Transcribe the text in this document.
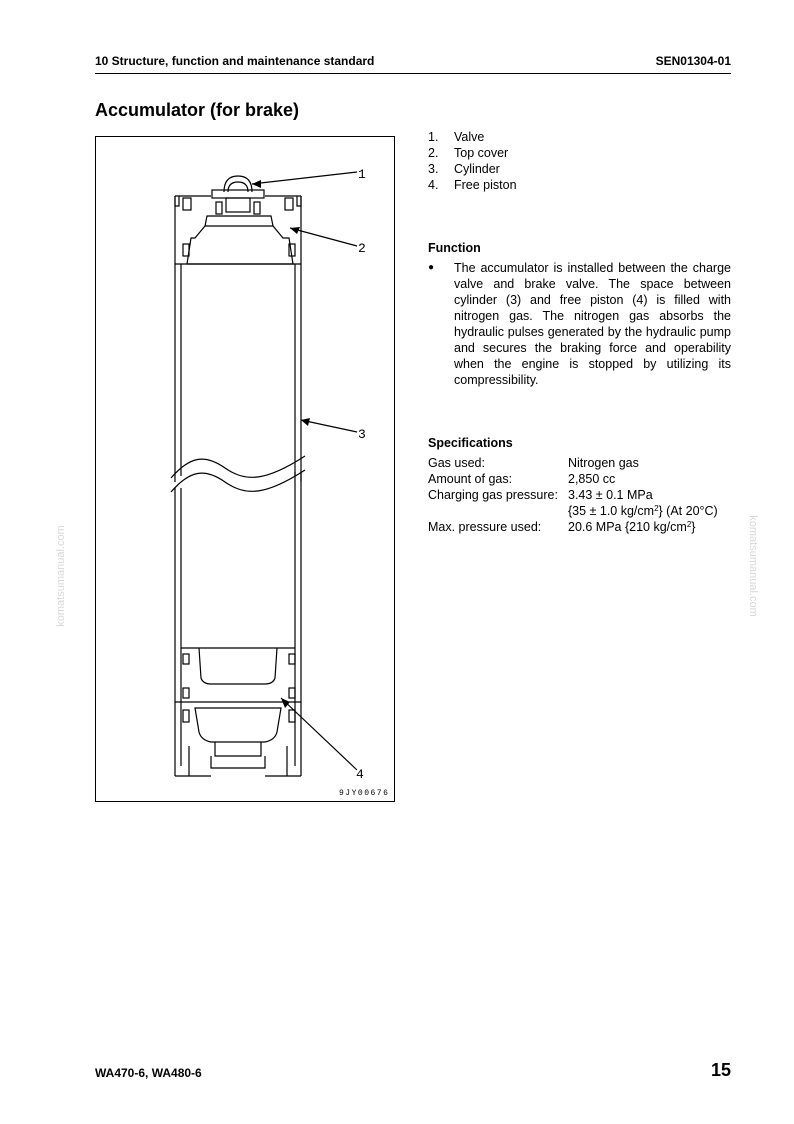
10 Structure, function and maintenance standard	SEN01304-01
Accumulator (for brake)
1
2
3
4
9JY00676
1.	Valve
2.	Top cover
3.	Cylinder
4.	Free piston
Function
● The accumulator is installed between the charge valve and brake valve. The space between cylinder (3) and free piston (4) is filled with nitrogen gas. The nitrogen gas absorbs the hydraulic pulses generated by the hydraulic pump and secures the braking force and operability when the engine is stopped by utilizing its compressibility.
Specifications
Gas used:	Nitrogen gas
Amount of gas:	2,850 cc
Charging gas pressure: 3.43 ± 0.1 MPa
{35 ± 1.0 $kg/cm^2$} (At 20°C)
Max. pressure used: 20.6 MPa {210 $kg/cm^2$}
komatsumanual.com	komatsumanual.com
WA470-6, WA480-6	15
